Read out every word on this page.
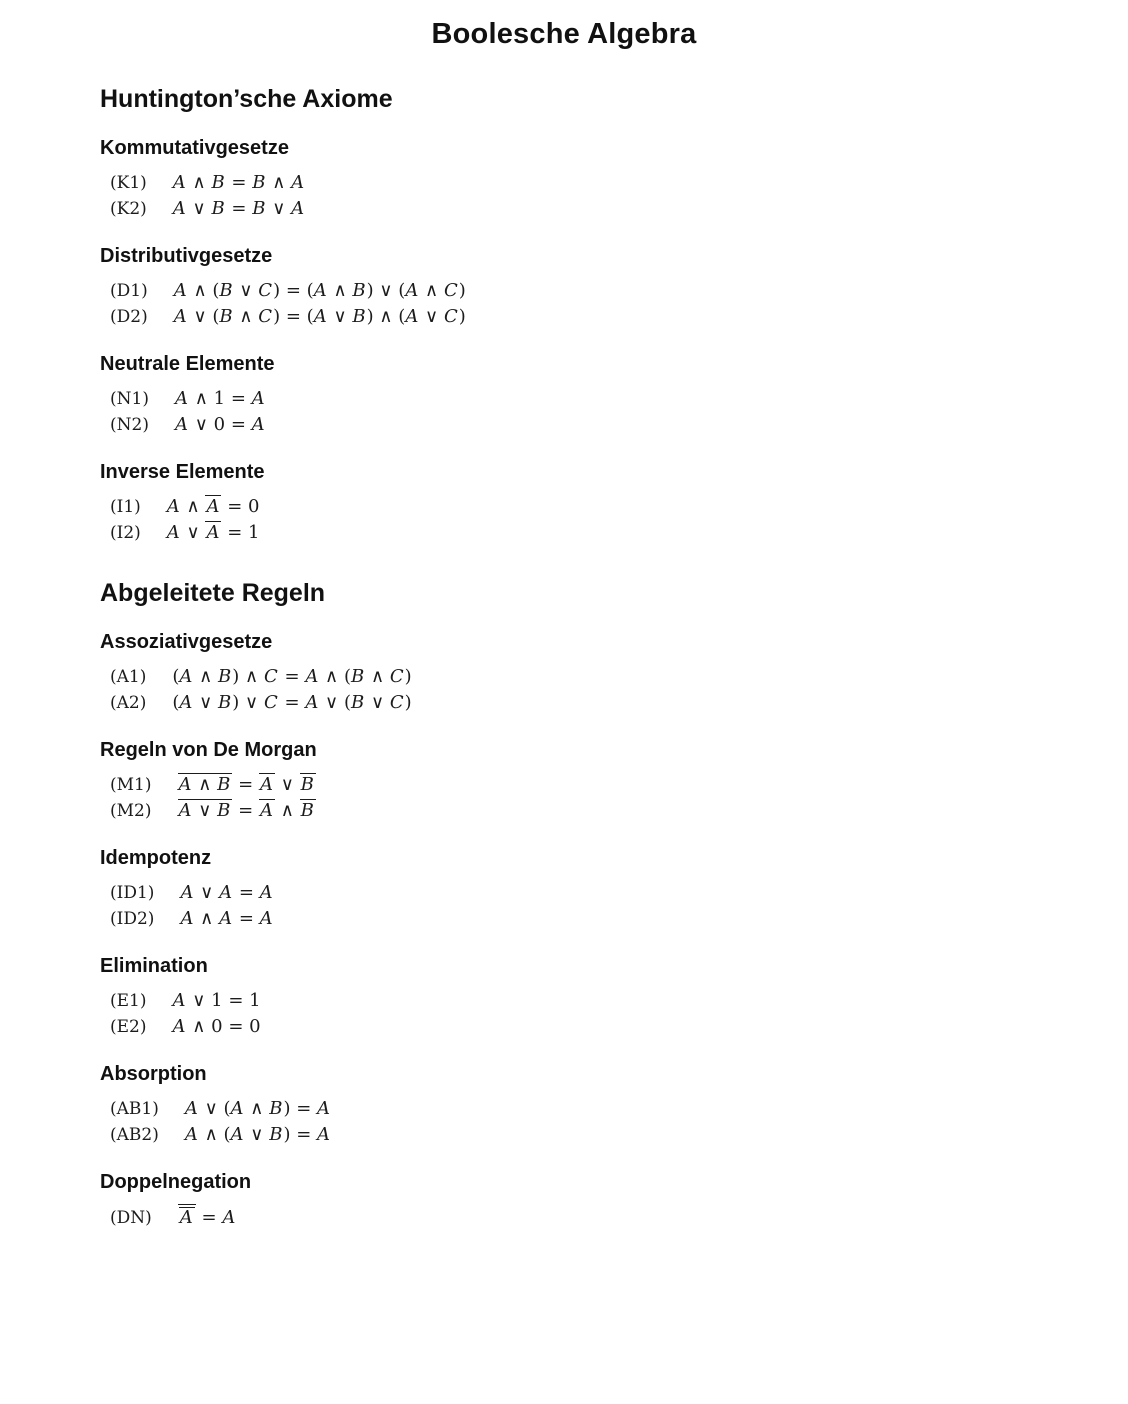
Boolesche Algebra
Huntington’sche Axiome
Kommutativgesetze
(K1) A ∧ B = B ∧ A
(K2) A ∨ B = B ∨ A
Distributivgesetze
(D1) A ∧ (B ∨ C) = (A ∧ B) ∨ (A ∧ C)
(D2) A ∨ (B ∧ C) = (A ∨ B) ∧ (A ∨ C)
Neutrale Elemente
(N1) A ∧ 1 = A
(N2) A ∨ 0 = A
Inverse Elemente
(I1) A ∧ A = 0
(I2) A ∨ A = 1
Abgeleitete Regeln
Assoziativgesetze
(A1) (A ∧ B) ∧ C = A ∧ (B ∧ C)
(A2) (A ∨ B) ∨ C = A ∨ (B ∨ C)
Regeln von De Morgan
(M1) A ∧ B = A ∨ B
(M2) A ∨ B = A ∧ B
Idempotenz
(ID1) A ∨ A = A
(ID2) A ∧ A = A
Elimination
(E1) A ∨ 1 = 1
(E2) A ∧ 0 = 0
Absorption
(AB1) A ∨ (A ∧ B) = A
(AB2) A ∧ (A ∨ B) = A
Doppelnegation
(DN) A = A
